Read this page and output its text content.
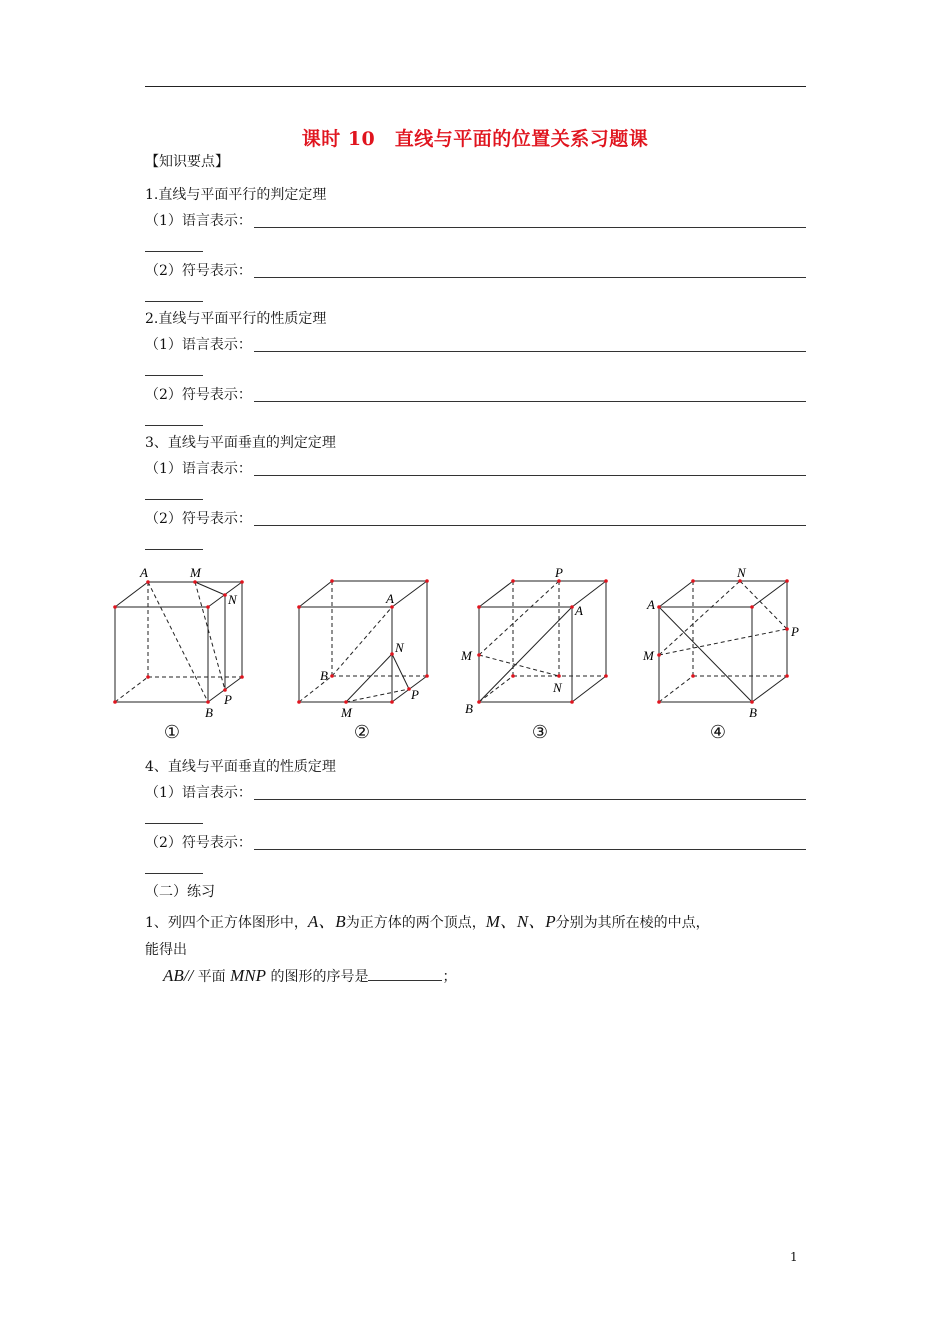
课时 10　直线与平面的位置关系习题课
【知识要点】
1.直线与平面平行的判定定理
（1）语言表示：
（2）符号表示：
2.直线与平面平行的性质定理
（1）语言表示：
（2）符号表示：
3、直线与平面垂直的判定定理
（1）语言表示：
（2）符号表示：
A	M
N
B
P
A
N
B
P
M
P
A
M
N
B
N
A
P
M
B
①	②	③	④
4、直线与平面垂直的性质定理
（1）语言表示：
（2）符号表示：
（二）练习
1、列四个正方体图形中，A、B为正方体的两个顶点，M、N、P分别为其所在棱的中点，
能得出
AB// 平面 MNP 的图形的序号是	；
1
